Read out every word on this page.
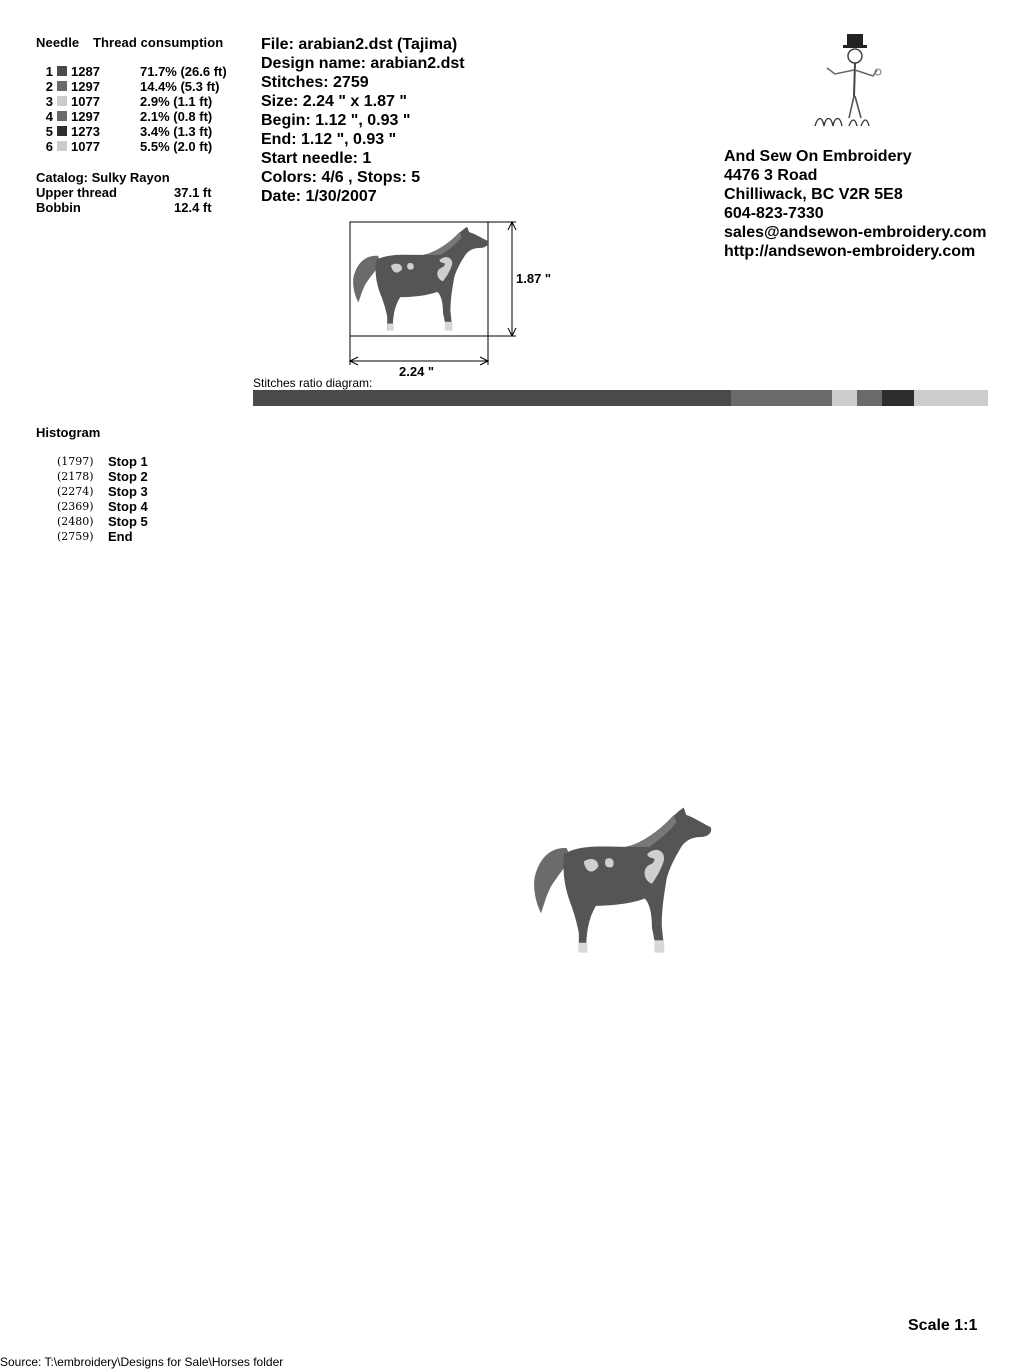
Needle Thread consumption
1 1287	71.7% (26.6 ft)
2 1297	14.4% (5.3 ft)
3 1077	2.9% (1.1 ft)
4 1297	2.1% (0.8 ft)
5 1273	3.4% (1.3 ft)
6 1077	5.5% (2.0 ft)
Catalog: Sulky Rayon
Upper thread	37.1 ft
Bobbin	12.4 ft
File: arabian2.dst (Tajima)
Design name: arabian2.dst
Stitches: 2759
Size: 2.24 " x 1.87 "
Begin: 1.12 ", 0.93 "
End: 1.12 ", 0.93 "
Start needle: 1
Colors: 4/6 , Stops: 5
Date: 1/30/2007
And Sew On Embroidery
4476 3 Road
Chilliwack, BC V2R 5E8
604-823-7330
sales@andsewon-embroidery.com
http://andsewon-embroidery.com
1.87 "
2.24 "
Stitches ratio diagram:
Histogram
(1797) Stop 1
(2178) Stop 2
(2274) Stop 3
(2369) Stop 4
(2480) Stop 5
(2759) End
Scale 1:1
Source: T:\embroidery\Designs for Sale\Horses folder
